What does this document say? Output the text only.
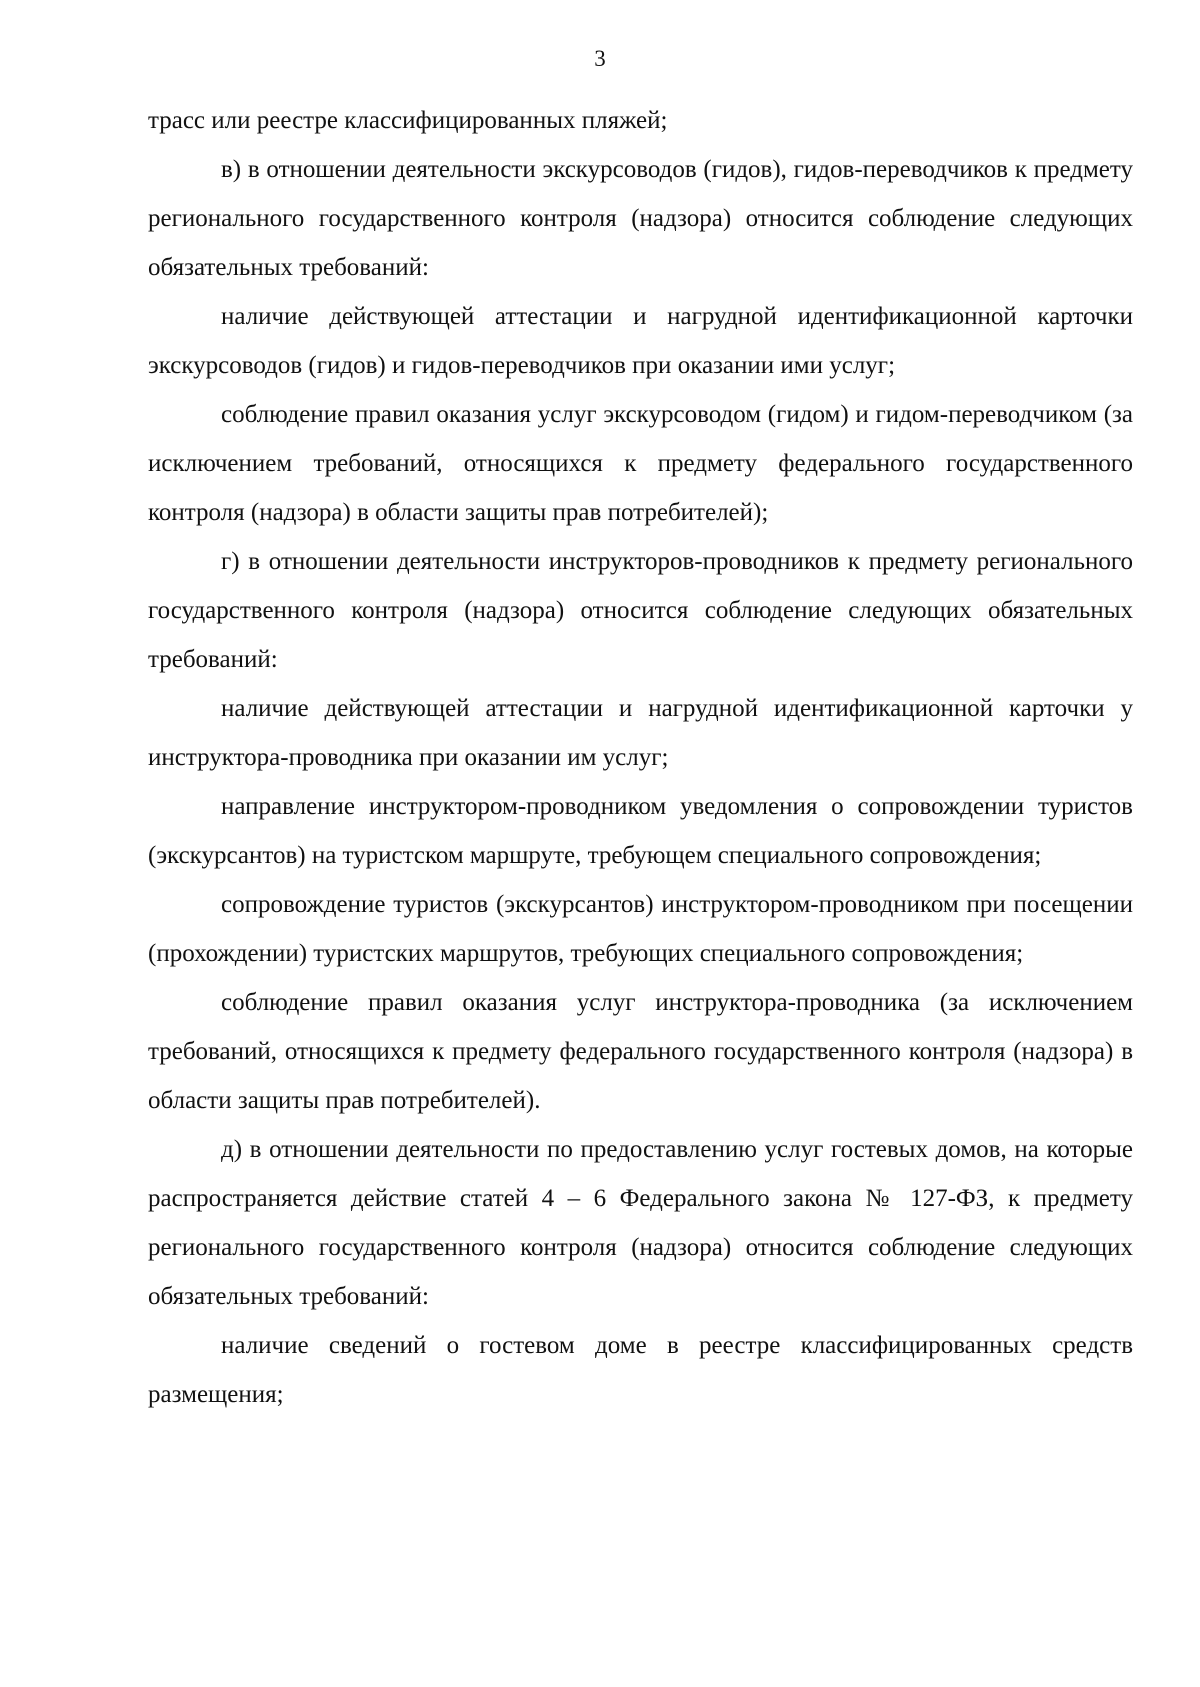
3

трасс или реестре классифицированных пляжей;

в) в отношении деятельности экскурсоводов (гидов), гидов-переводчиков к предмету регионального государственного контроля (надзора) относится соблюдение следующих обязательных требований:

наличие действующей аттестации и нагрудной идентификационной карточки экскурсоводов (гидов) и гидов-переводчиков при оказании ими услуг;

соблюдение правил оказания услуг экскурсоводом (гидом) и гидом-переводчиком (за исключением требований, относящихся к предмету федерального государственного контроля (надзора) в области защиты прав потребителей);

г) в отношении деятельности инструкторов-проводников к предмету регионального государственного контроля (надзора) относится соблюдение следующих обязательных требований:

наличие действующей аттестации и нагрудной идентификационной карточки у инструктора-проводника при оказании им услуг;

направление инструктором-проводником уведомления о сопровождении туристов (экскурсантов) на туристском маршруте, требующем специального сопровождения;

сопровождение туристов (экскурсантов) инструктором-проводником при посещении (прохождении) туристских маршрутов, требующих специального сопровождения;

соблюдение правил оказания услуг инструктора-проводника (за исключением требований, относящихся к предмету федерального государственного контроля (надзора) в области защиты прав потребителей).

д) в отношении деятельности по предоставлению услуг гостевых домов, на которые распространяется действие статей 4 – 6 Федерального закона № 127-ФЗ, к предмету регионального государственного контроля (надзора) относится соблюдение следующих обязательных требований:

наличие сведений о гостевом доме в реестре классифицированных средств размещения;
